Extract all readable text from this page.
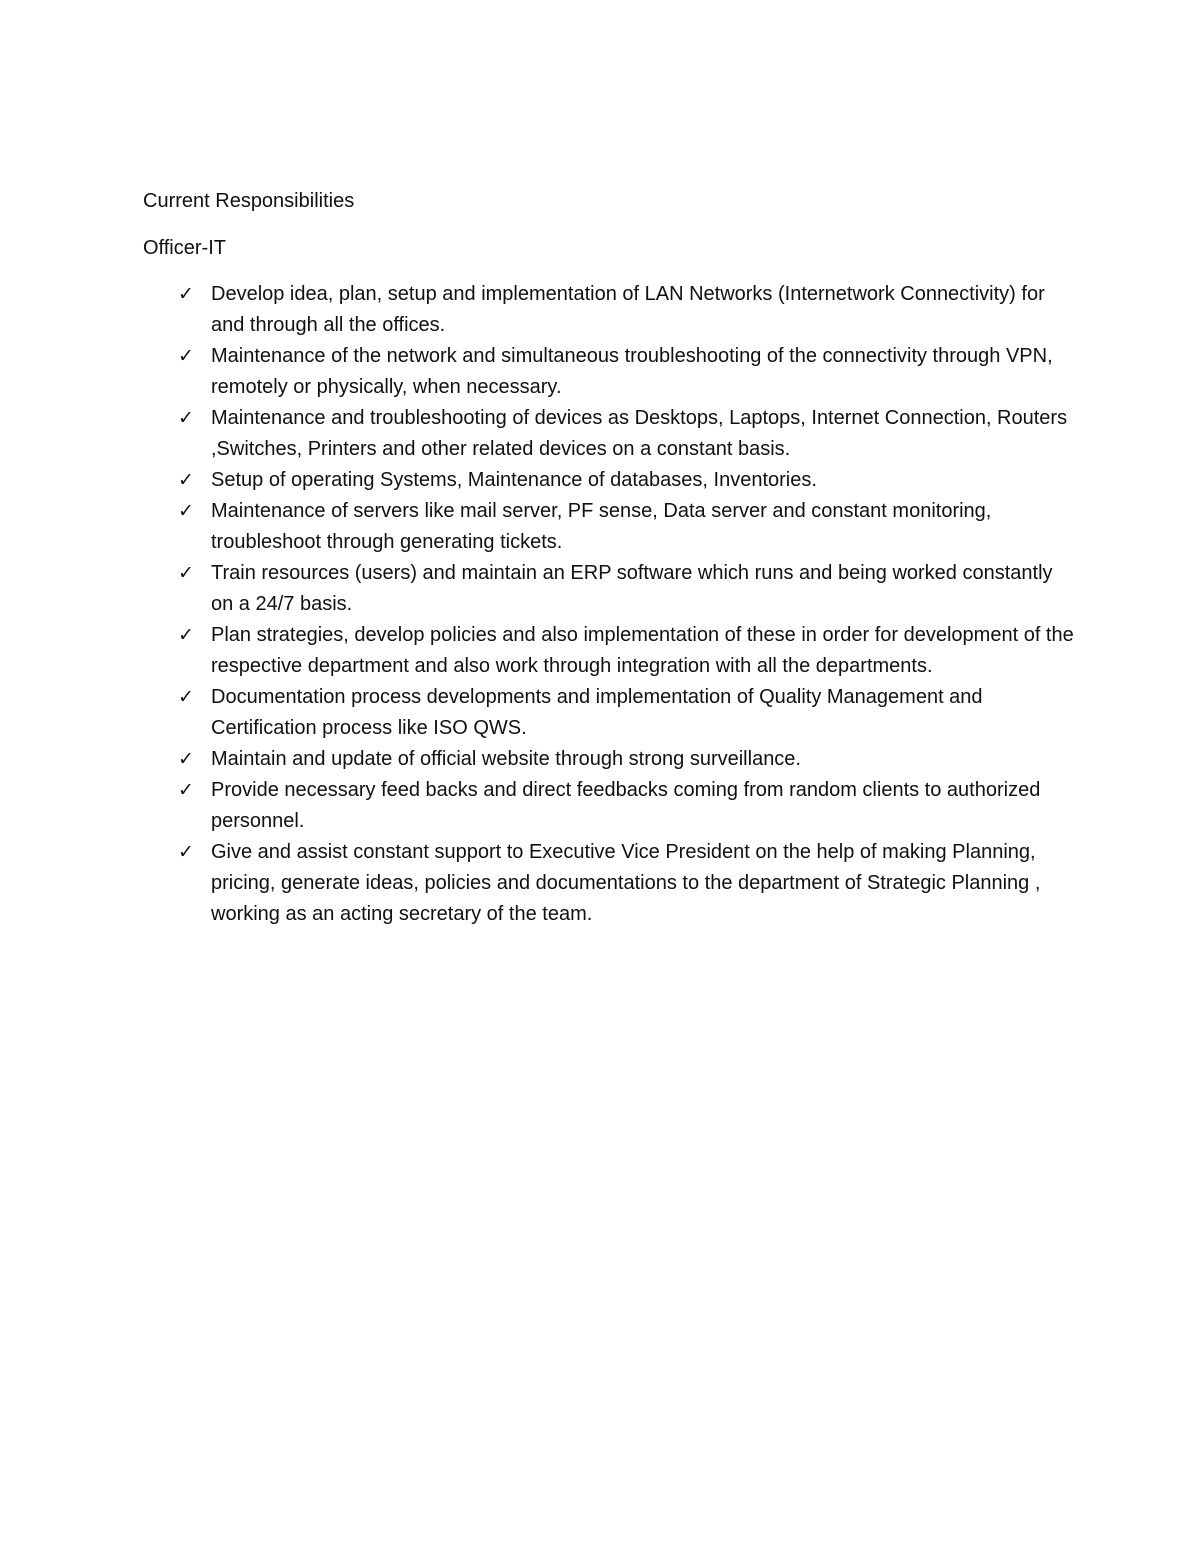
Current Responsibilities
Officer-IT
✓ Develop idea, plan, setup and implementation of LAN Networks (Internetwork Connectivity) for and through all the offices.
✓ Maintenance of the network and simultaneous troubleshooting of the connectivity through VPN, remotely or physically, when necessary.
✓ Maintenance and troubleshooting of devices as Desktops, Laptops, Internet Connection, Routers ,Switches, Printers and other related devices on a constant basis.
✓ Setup of operating Systems, Maintenance of databases, Inventories.
✓ Maintenance of servers like mail server, PF sense, Data server and constant monitoring, troubleshoot through generating tickets.
✓ Train resources (users) and maintain an ERP software which runs and being worked constantly on a 24/7 basis.
✓ Plan strategies, develop policies and also implementation of these in order for development of the respective department and also work through integration with all the departments.
✓ Documentation process developments and implementation of Quality Management and Certification process like ISO QWS.
✓ Maintain and update of official website through strong surveillance.
✓ Provide necessary feed backs and direct feedbacks coming from random clients to authorized personnel.
✓ Give and assist constant support to Executive Vice President on the help of making Planning, pricing, generate ideas, policies and documentations to the department of Strategic Planning , working as an acting secretary of the team.
